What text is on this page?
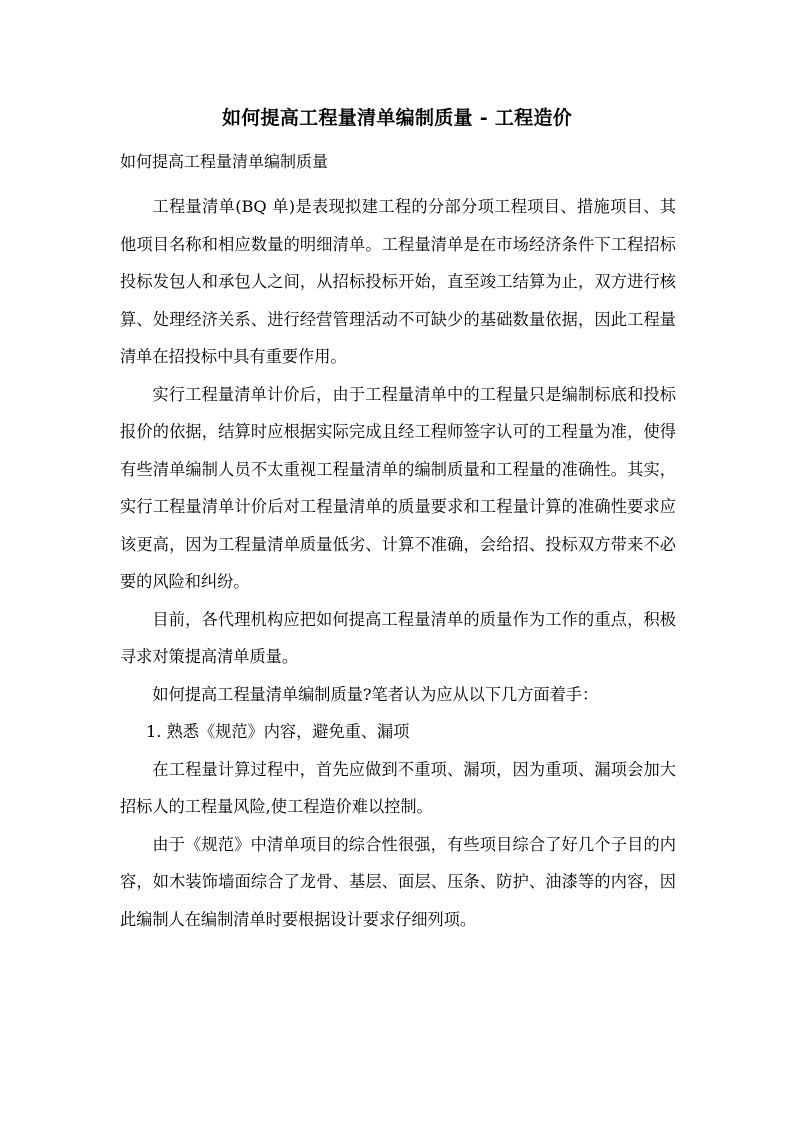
如何提高工程量清单编制质量 - 工程造价

如何提高工程量清单编制质量

工程量清单(BQ 单)是表现拟建工程的分部分项工程项目、措施项目、其他项目名称和相应数量的明细清单。工程量清单是在市场经济条件下工程招标投标发包人和承包人之间，从招标投标开始，直至竣工结算为止，双方进行核算、处理经济关系、进行经营管理活动不可缺少的基础数量依据，因此工程量清单在招投标中具有重要作用。

实行工程量清单计价后，由于工程量清单中的工程量只是编制标底和投标报价的依据，结算时应根据实际完成且经工程师签字认可的工程量为准，使得有些清单编制人员不太重视工程量清单的编制质量和工程量的准确性。其实，实行工程量清单计价后对工程量清单的质量要求和工程量计算的准确性要求应该更高，因为工程量清单质量低劣、计算不准确，会给招、投标双方带来不必要的风险和纠纷。

目前，各代理机构应把如何提高工程量清单的质量作为工作的重点，积极寻求对策提高清单质量。

如何提高工程量清单编制质量?笔者认为应从以下几方面着手：

1. 熟悉《规范》内容，避免重、漏项

在工程量计算过程中，首先应做到不重项、漏项，因为重项、漏项会加大招标人的工程量风险,使工程造价难以控制。

由于《规范》中清单项目的综合性很强，有些项目综合了好几个子目的内容，如木装饰墙面综合了龙骨、基层、面层、压条、防护、油漆等的内容，因此编制人在编制清单时要根据设计要求仔细列项。
